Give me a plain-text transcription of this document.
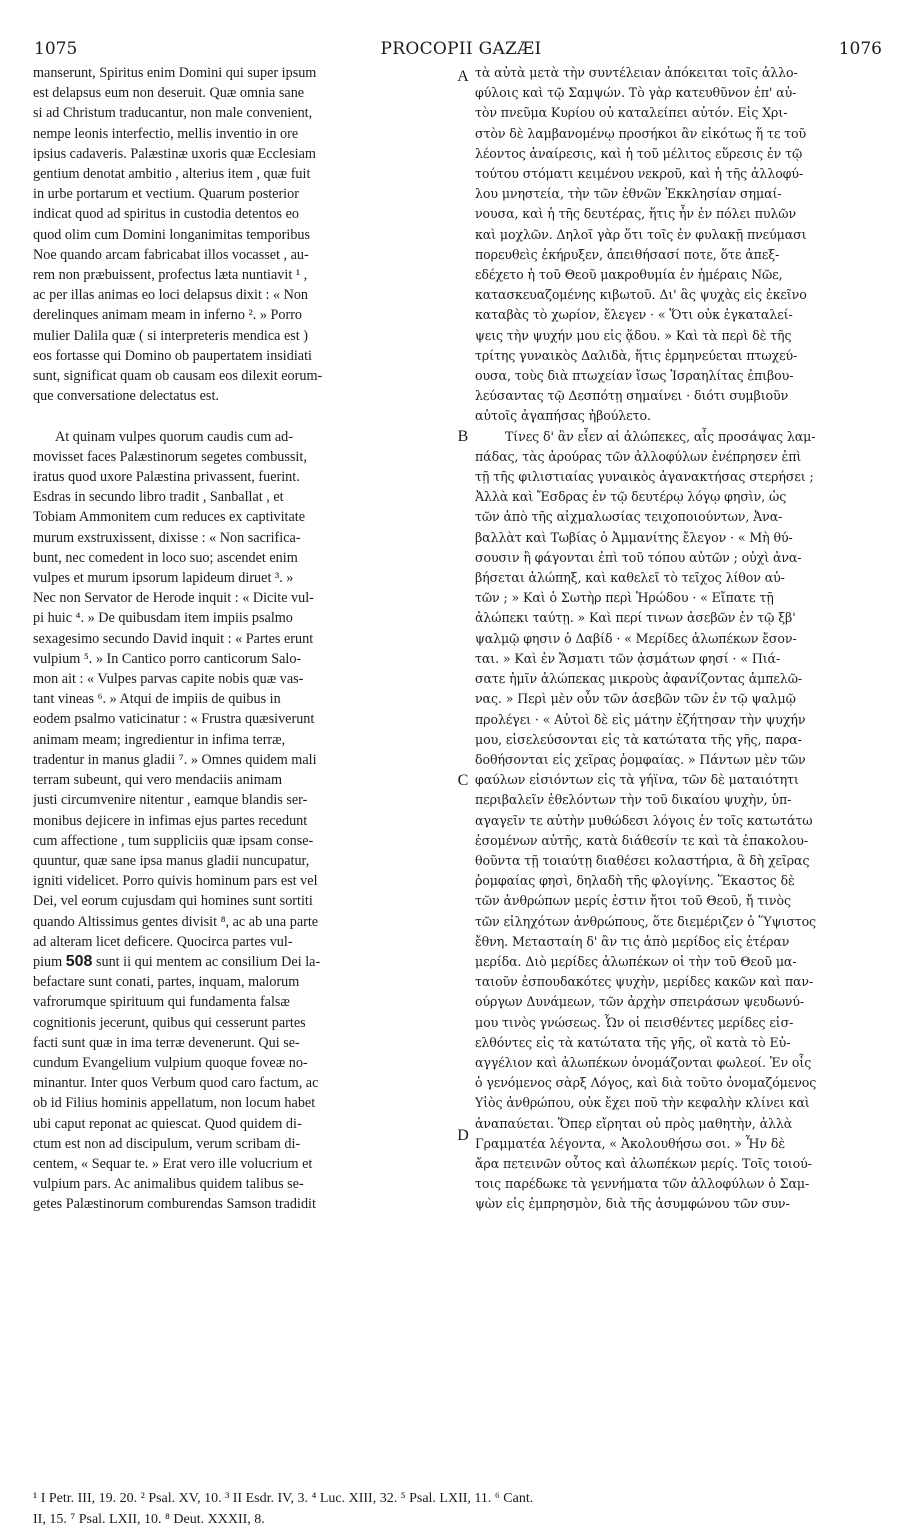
1075	PROCOPII GAZÆI	1076
manserunt, Spiritus enim Domini qui super ipsum
est delapsus eum non deseruit. Quæ omnia sane
si ad Christum traducantur, non male convenient,
nempe leonis interfectio, mellis inventio in ore
ipsius cadaveris. Palæstinæ uxoris quæ Ecclesiam
gentium denotat ambitio , alterius item , quæ fuit
in urbe portarum et vectium. Quarum posterior
indicat quod ad spiritus in custodia detentos eo
quod olim cum Domini longanimitas temporibus
Noe quando arcam fabricabat illos vocasset , au-
rem non præbuissent, profectus læta nuntiavit ¹ ,
ac per illas animas eo loci delapsus dixit : « Non
derelinques animam meam in inferno ². » Porro
mulier Dalila quæ ( si interpreteris mendica est )
eos fortasse qui Domino ob paupertatem insidiati
sunt, significat quam ob causam eos dilexit eorum-
que conversatione delectatus est.
At quinam vulpes quorum caudis cum ad-
movisset faces Palæstinorum segetes combussit,
iratus quod uxore Palæstina privassent, fuerint.
Esdras in secundo libro tradit , Sanballat , et
Tobiam Ammonitem cum reduces ex captivitate
murum exstruxissent, dixisse : « Non sacrifica-
bunt, nec comedent in loco suo; ascendet enim
vulpes et murum ipsorum lapideum diruet ³. »
Nec non Servator de Herode inquit : « Dicite vul-
pi huic ⁴. » De quibusdam item impiis psalmo
sexagesimo secundo David inquit : « Partes erunt
vulpium ⁵. » In Cantico porro canticorum Salo-
mon ait : « Vulpes parvas capite nobis quæ vas-
tant vineas ⁶. » Atqui de impiis de quibus in
eodem psalmo vaticinatur : « Frustra quæsiverunt
animam meam; ingredientur in infima terræ,
tradentur in manus gladii ⁷. » Omnes quidem mali
terram subeunt, qui vero mendaciis animam
justi circumvenire nitentur , eamque blandis ser-
monibus dejicere in infimas ejus partes recedunt
cum affectione , tum suppliciis quæ ipsam conse-
quuntur, quæ sane ipsa manus gladii nuncupatur,
igniti videlicet. Porro quivis hominum pars est vel
Dei, vel eorum cujusdam qui homines sunt sortiti
quando Altissimus gentes divisit ⁸, ac ab una parte
ad alteram licet deficere. Quocirca partes vul-
pium 508 sunt ii qui mentem ac consilium Dei la-
befactare sunt conati, partes, inquam, malorum
vafrorumque spirituum qui fundamenta falsæ
cognitionis jecerunt, quibus qui cesserunt partes
facti sunt quæ in ima terræ devenerunt. Qui se-
cundum Evangelium vulpium quoque foveæ no-
minantur. Inter quos Verbum quod caro factum, ac
ob id Filius hominis appellatum, non locum habet
ubi caput reponat ac quiescat. Quod quidem di-
ctum est non ad discipulum, verum scribam di-
centem, « Sequar te. » Erat vero ille volucrium et
vulpium pars. Ac animalibus quidem talibus se-
getes Palæstinorum comburendas Samson tradidit
τὰ αὐτὰ μετὰ τὴν συντέλειαν ἀπόκειται τοῖς ἀλλο-
φύλοις καὶ τῷ Σαμψών. Τὸ γὰρ κατευθῦνον ἐπ' αὐ-
τὸν πνεῦμα Κυρίου οὐ καταλείπει αὐτόν. Εἰς Χρι-
στὸν δὲ λαμβανομένῳ προσήκοι ἂν εἰκότως ἥ τε τοῦ
λέοντος ἀναίρεσις, καὶ ἡ τοῦ μέλιτος εὕρεσις ἐν τῷ
τούτου στόματι κειμένου νεκροῦ, καὶ ἡ τῆς ἀλλοφύ-
λου μνηστεία, τὴν τῶν ἐθνῶν Ἐκκλησίαν σημαί-
νουσα, καὶ ἡ τῆς δευτέρας, ἥτις ἦν ἐν πόλει πυλῶν
καὶ μοχλῶν. Δηλοῖ γὰρ ὅτι τοῖς ἐν φυλακῇ πνεύμασι
πορευθεὶς ἐκήρυξεν, ἀπειθήσασί ποτε, ὅτε ἀπεξ-
εδέχετο ἡ τοῦ Θεοῦ μακροθυμία ἐν ἡμέραις Νῶε,
κατασκευαζομένης κιβωτοῦ. Δι' ἃς ψυχὰς εἰς ἐκεῖνο
καταβὰς τὸ χωρίον, ἔλεγεν · « Ὅτι οὐκ ἐγκαταλεί-
ψεις τὴν ψυχήν μου εἰς ᾅδου. » Καὶ τὰ περὶ δὲ τῆς
τρίτης γυναικὸς Δαλιδὰ, ἥτις ἑρμηνεύεται πτωχεύ-
ουσα, τοὺς διὰ πτωχείαν ἴσως Ἰσραηλίτας ἐπιβου-
λεύσαντας τῷ Δεσπότῃ σημαίνει · διότι συμβιοῦν
αὐτοῖς ἀγαπήσας ἠβούλετο.
Τίνες δ' ἂν εἶεν αἱ ἀλώπεκες, αἷς προσάψας λαμ-
πάδας, τὰς ἀρούρας τῶν ἀλλοφύλων ἐνέπρησεν ἐπὶ
τῇ τῆς φιλιστιαίας γυναικὸς ἀγανακτήσας στερήσει ;
Ἀλλὰ καὶ Ἔσδρας ἐν τῷ δευτέρῳ λόγῳ φησὶν, ὡς
τῶν ἀπὸ τῆς αἰχμαλωσίας τειχοποιούντων, Ἀνα-
βαλλὰτ καὶ Τωβίας ὁ Ἀμμανίτης ἔλεγον · « Μὴ θύ-
σουσιν ἢ φάγονται ἐπὶ τοῦ τόπου αὐτῶν ; οὐχὶ ἀνα-
βήσεται ἀλώπηξ, καὶ καθελεῖ τὸ τεῖχος λίθον αὐ-
τῶν ; » Καὶ ὁ Σωτὴρ περὶ Ἡρώδου · « Εἴπατε τῇ
ἀλώπεκι ταύτῃ. » Καὶ περί τινων ἀσεβῶν ἐν τῷ ξβ'
ψαλμῷ φησιν ὁ Δαβίδ · « Μερίδες ἀλωπέκων ἔσον-
ται. » Καὶ ἐν Ἄσματι τῶν ᾀσμάτων φησί · « Πιά-
σατε ἡμῖν ἀλώπεκας μικροὺς ἀφανίζοντας ἀμπελῶ-
νας. » Περὶ μὲν οὖν τῶν ἀσεβῶν τῶν ἐν τῷ ψαλμῷ
προλέγει · « Αὐτοὶ δὲ εἰς μάτην ἐζήτησαν τὴν ψυχήν
μου, εἰσελεύσονται εἰς τὰ κατώτατα τῆς γῆς, παρα-
δοθήσονται εἰς χεῖρας ῥομφαίας. » Πάντων μὲν τῶν
φαύλων εἰσιόντων εἰς τὰ γήϊνα, τῶν δὲ ματαιότητι
περιβαλεῖν ἐθελόντων τὴν τοῦ δικαίου ψυχὴν, ὑπ-
αγαγεῖν τε αὐτὴν μυθώδεσι λόγοις ἐν τοῖς κατωτάτω
ἐσομένων αὐτῆς, κατὰ διάθεσίν τε καὶ τὰ ἐπακολου-
θοῦντα τῇ τοιαύτῃ διαθέσει κολαστήρια, ἃ δὴ χεῖρας
ῥομφαίας φησὶ, δηλαδὴ τῆς φλογίνης. Ἕκαστος δὲ
τῶν ἀνθρώπων μερίς ἐστιν ἤτοι τοῦ Θεοῦ, ἤ τινὸς
τῶν εἰληχότων ἀνθρώπους, ὅτε διεμέριζεν ὁ Ὕψιστος
ἔθνη. Μετασταίη δ' ἂν τις ἀπὸ μερίδος εἰς ἑτέραν
μερίδα. Διὸ μερίδες ἀλωπέκων οἱ τὴν τοῦ Θεοῦ μα-
ταιοῦν ἐσπουδακότες ψυχὴν, μερίδες κακῶν καὶ παν-
ούργων Δυνάμεων, τῶν ἀρχὴν σπειράσων ψευδωνύ-
μου τινὸς γνώσεως. Ὧν οἱ πεισθέντες μερίδες εἰσ-
ελθόντες εἰς τὰ κατώτατα τῆς γῆς, οἳ κατὰ τὸ Εὐ-
αγγέλιον καὶ ἀλωπέκων ὀνομάζονται φωλεοί. Ἐν οἷς
ὁ γενόμενος σὰρξ Λόγος, καὶ διὰ τοῦτο ὀνομαζόμενος
Υἱὸς ἀνθρώπου, οὐκ ἔχει ποῦ τὴν κεφαλὴν κλίνει καὶ
ἀναπαύεται. Ὅπερ εἴρηται οὐ πρὸς μαθητὴν, ἀλλὰ
Γραμματέα λέγοντα, « Ἀκολουθήσω σοι. » Ἦν δὲ
ἄρα πετεινῶν οὗτος καὶ ἀλωπέκων μερίς. Τοῖς τοιού-
τοις παρέδωκε τὰ γεννήματα τῶν ἀλλοφύλων ὁ Σαμ-
ψὼν εἰς ἐμπρησμὸν, διὰ τῆς ἀσυμφώνου τῶν συν-
A
B
C
D
¹ I Petr. III, 19. 20. ² Psal. XV, 10. ³ II Esdr. IV, 3. ⁴ Luc. XIII, 32. ⁵ Psal. LXII, 11. ⁶ Cant.
II, 15. ⁷ Psal. LXII, 10. ⁸ Deut. XXXII, 8.
